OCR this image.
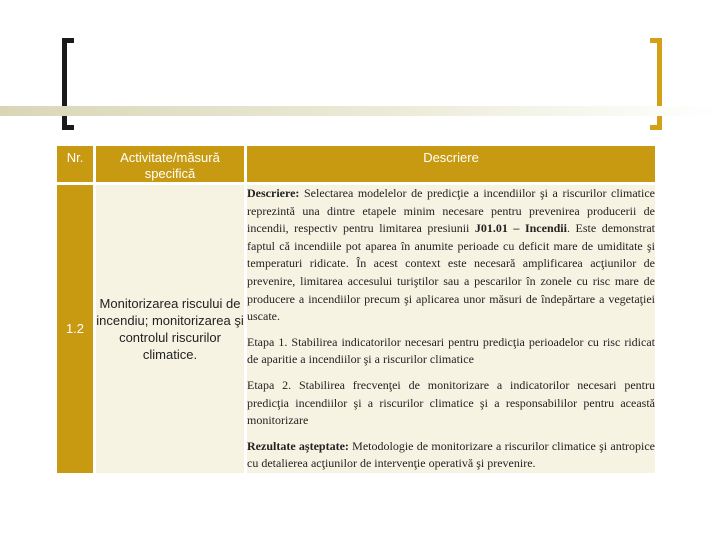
Nr.	Activitate/măsură specifică	Descriere

1.2	Monitorizarea riscului de incendiu; monitorizarea şi controlul riscurilor climatice.	Descriere: Selectarea modelelor de predicţie a incendiilor şi a riscurilor climatice reprezintă una dintre etapele minim necesare pentru prevenirea producerii de incendii, respectiv pentru limitarea presiunii J01.01 – Incendii. Este demonstrat faptul că incendiile pot aparea în anumite perioade cu deficit mare de umiditate şi temperaturi ridicate. În acest context este necesară amplificarea acţiunilor de prevenire, limitarea accesului turiştilor sau a pescarilor în zonele cu risc mare de producere a incendiilor precum şi aplicarea unor măsuri de îndepărtare a vegetaţiei uscate.

Etapa 1. Stabilirea indicatorilor necesari pentru predicţia perioadelor cu risc ridicat de aparitie a incendiilor şi a riscurilor climatice

Etapa 2. Stabilirea frecvenţei de monitorizare a indicatorilor necesari pentru predicţia incendiilor şi a riscurilor climatice şi a responsabililor pentru această monitorizare

Rezultate aşteptate: Metodologie de monitorizare a riscurilor climatice şi antropice cu detalierea acţiunilor de intervenţie operativă şi prevenire.
